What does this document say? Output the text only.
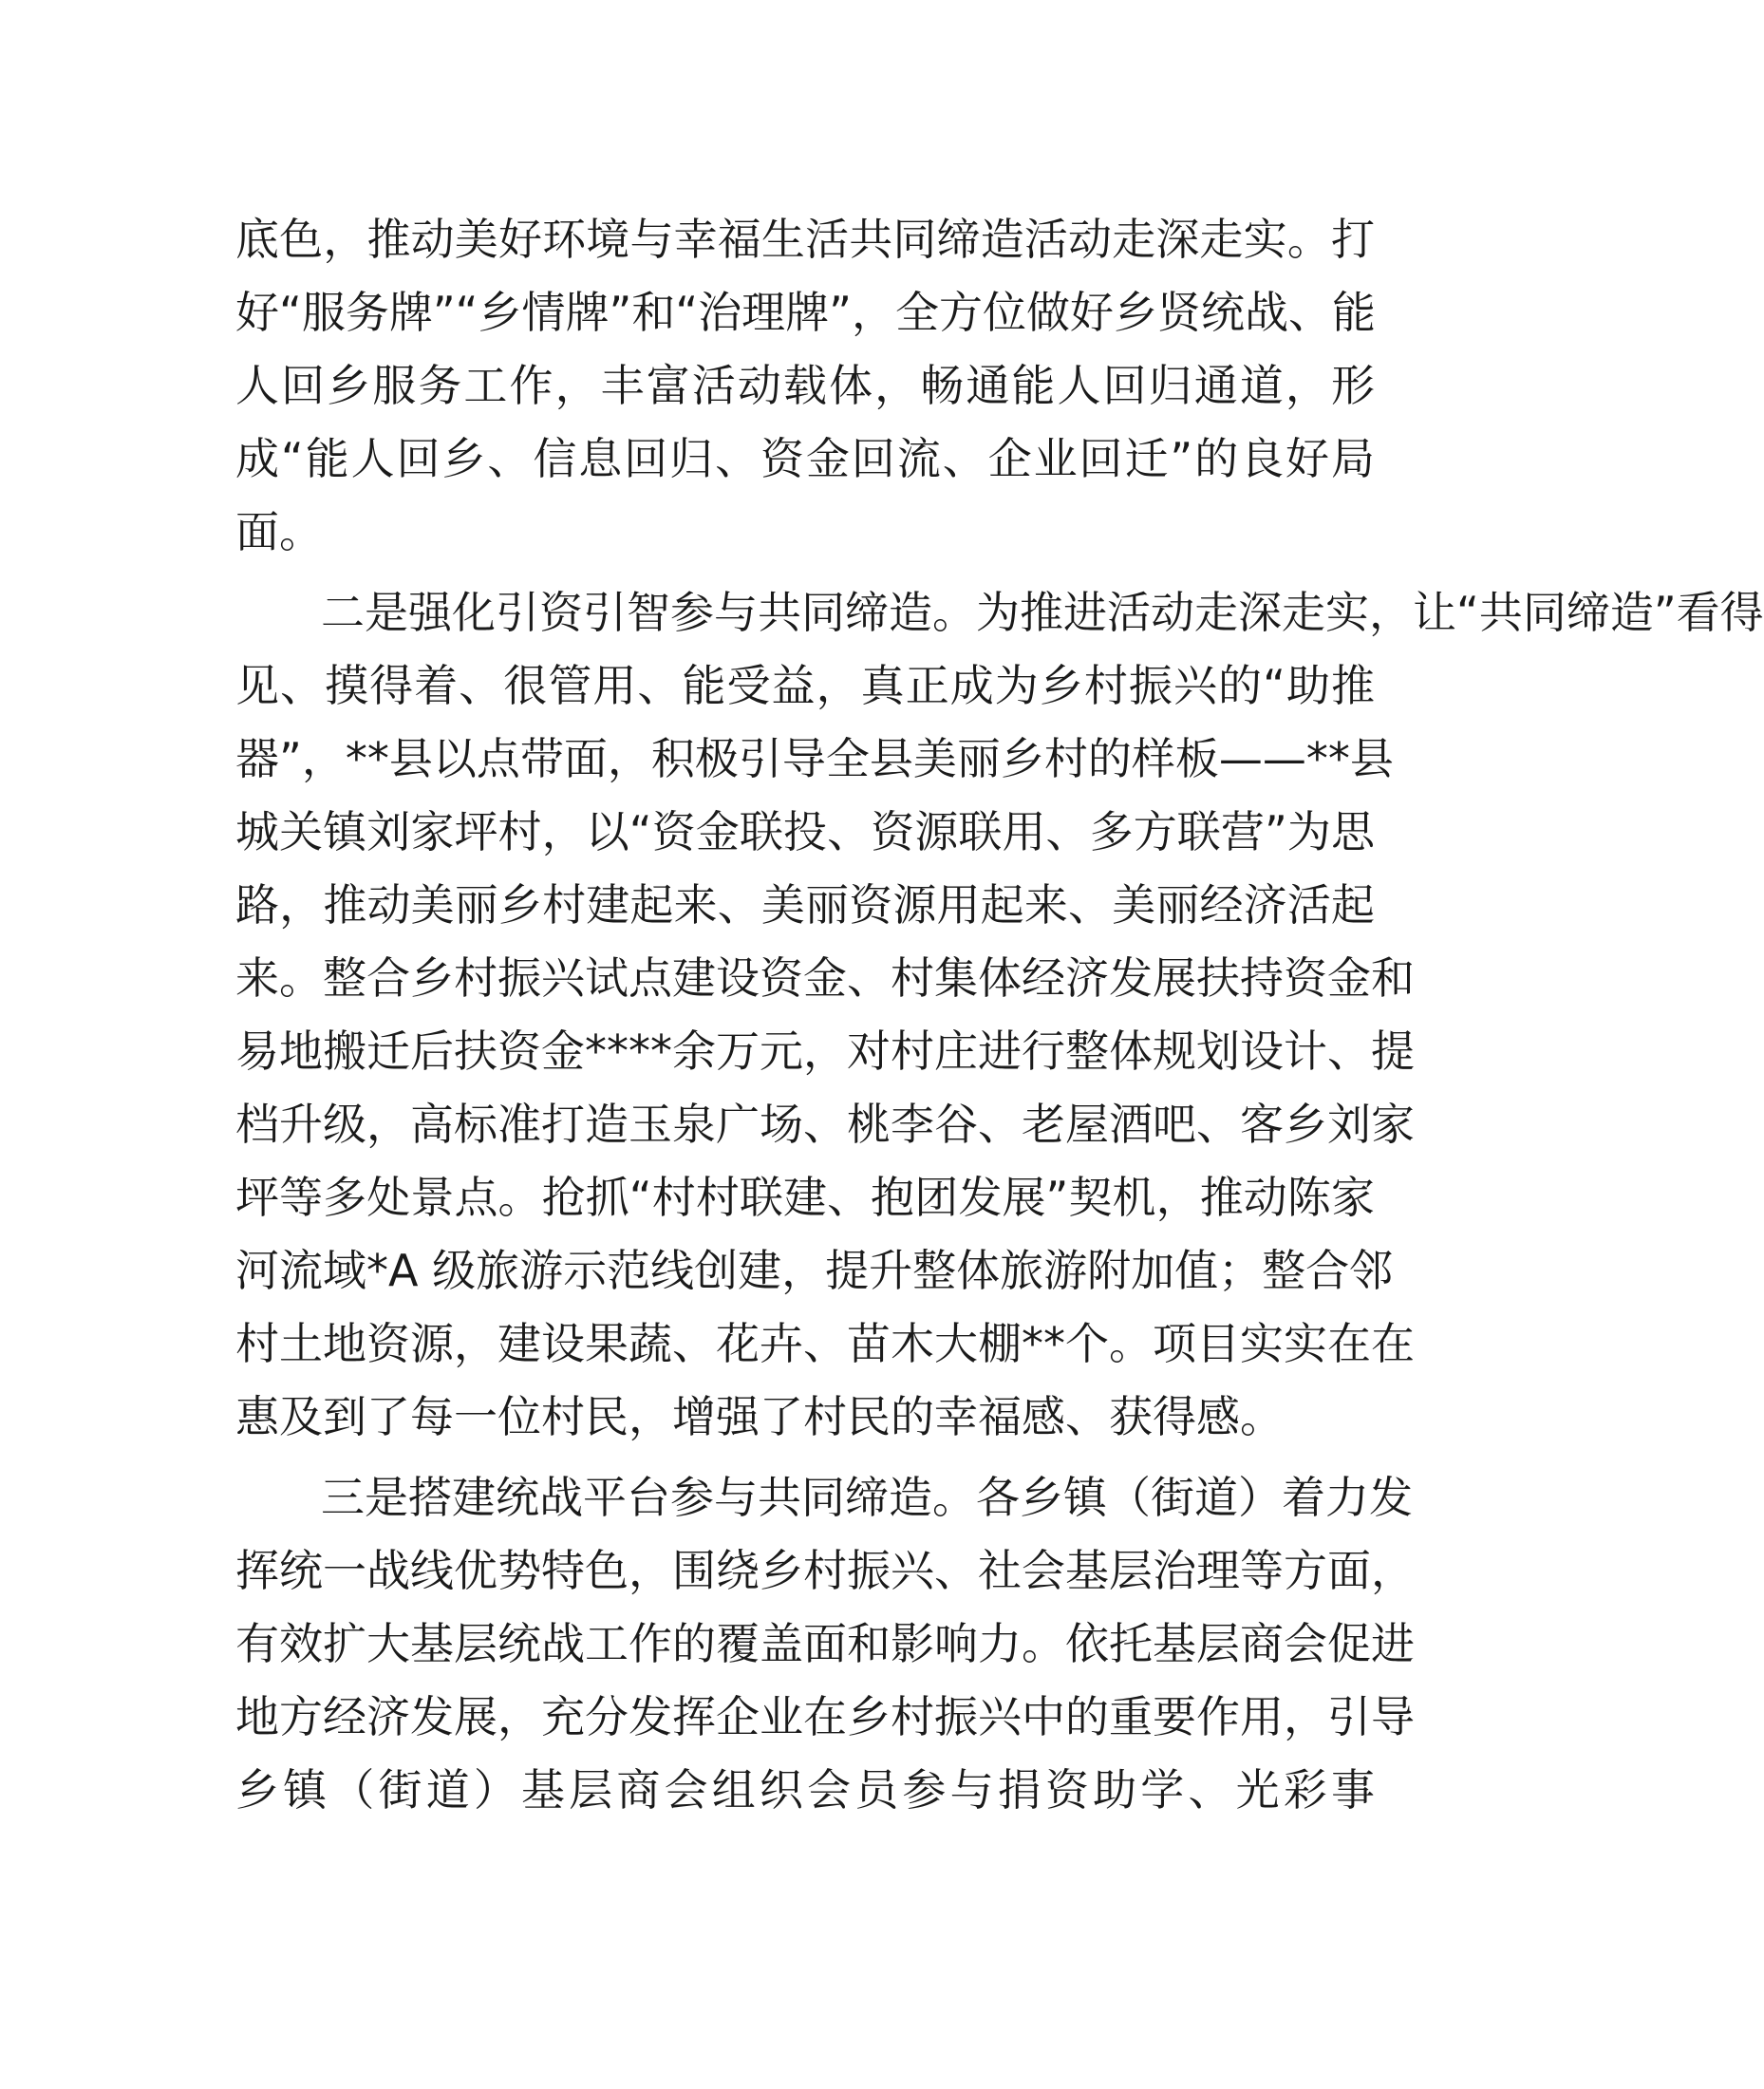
底色，推动美好环境与幸福生活共同缔造活动走深走实。打
好“服务牌”“乡情牌”和“治理牌”，全方位做好乡贤统战、能
人回乡服务工作，丰富活动载体，畅通能人回归通道，形
成“能人回乡、信息回归、资金回流、企业回迁”的良好局
面。
二是强化引资引智参与共同缔造。为推进活动走深走实，让“共同缔造”看得
见、摸得着、很管用、能受益，真正成为乡村振兴的“助推
器”，**县以点带面，积极引导全县美丽乡村的样板——**县
城关镇刘家坪村，以“资金联投、资源联用、多方联营”为思
路，推动美丽乡村建起来、美丽资源用起来、美丽经济活起
来。整合乡村振兴试点建设资金、村集体经济发展扶持资金和
易地搬迁后扶资金****余万元，对村庄进行整体规划设计、提
档升级，高标准打造玉泉广场、桃李谷、老屋酒吧、客乡刘家
坪等多处景点。抢抓“村村联建、抱团发展”契机，推动陈家
河流域*A 级旅游示范线创建，提升整体旅游附加值；整合邻
村土地资源，建设果蔬、花卉、苗木大棚**个。项目实实在在
惠及到了每一位村民，增强了村民的幸福感、获得感。
三是搭建统战平台参与共同缔造。各乡镇（街道）着力发
挥统一战线优势特色，围绕乡村振兴、社会基层治理等方面，
有效扩大基层统战工作的覆盖面和影响力。依托基层商会促进
地方经济发展，充分发挥企业在乡村振兴中的重要作用，引导
乡镇（街道）基层商会组织会员参与捐资助学、光彩事
